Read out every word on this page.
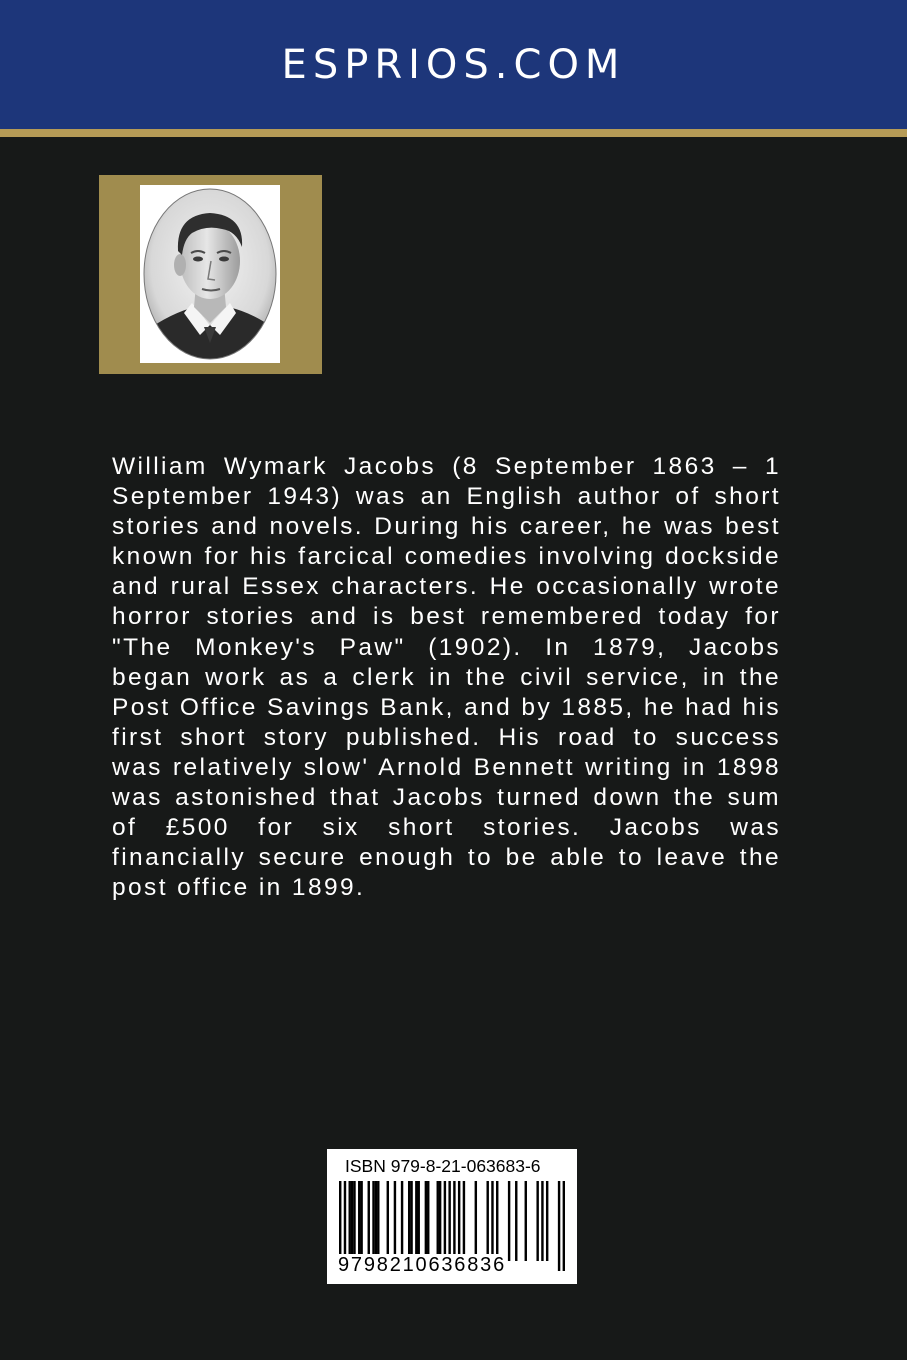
ESPRIOS.COM

William Wymark Jacobs (8 September 1863 – 1 September 1943) was an English author of short stories and novels. During his career, he was best known for his farcical comedies involving dockside and rural Essex characters. He occasionally wrote horror stories and is best remembered today for "The Monkey's Paw" (1902). In 1879, Jacobs began work as a clerk in the civil service, in the Post Office Savings Bank, and by 1885, he had his first short story published. His road to success was relatively slow' Arnold Bennett writing in 1898 was astonished that Jacobs turned down the sum of £500 for six short stories. Jacobs was financially secure enough to be able to leave the post office in 1899.

ISBN 979-8-21-063683-6

9798210636836
